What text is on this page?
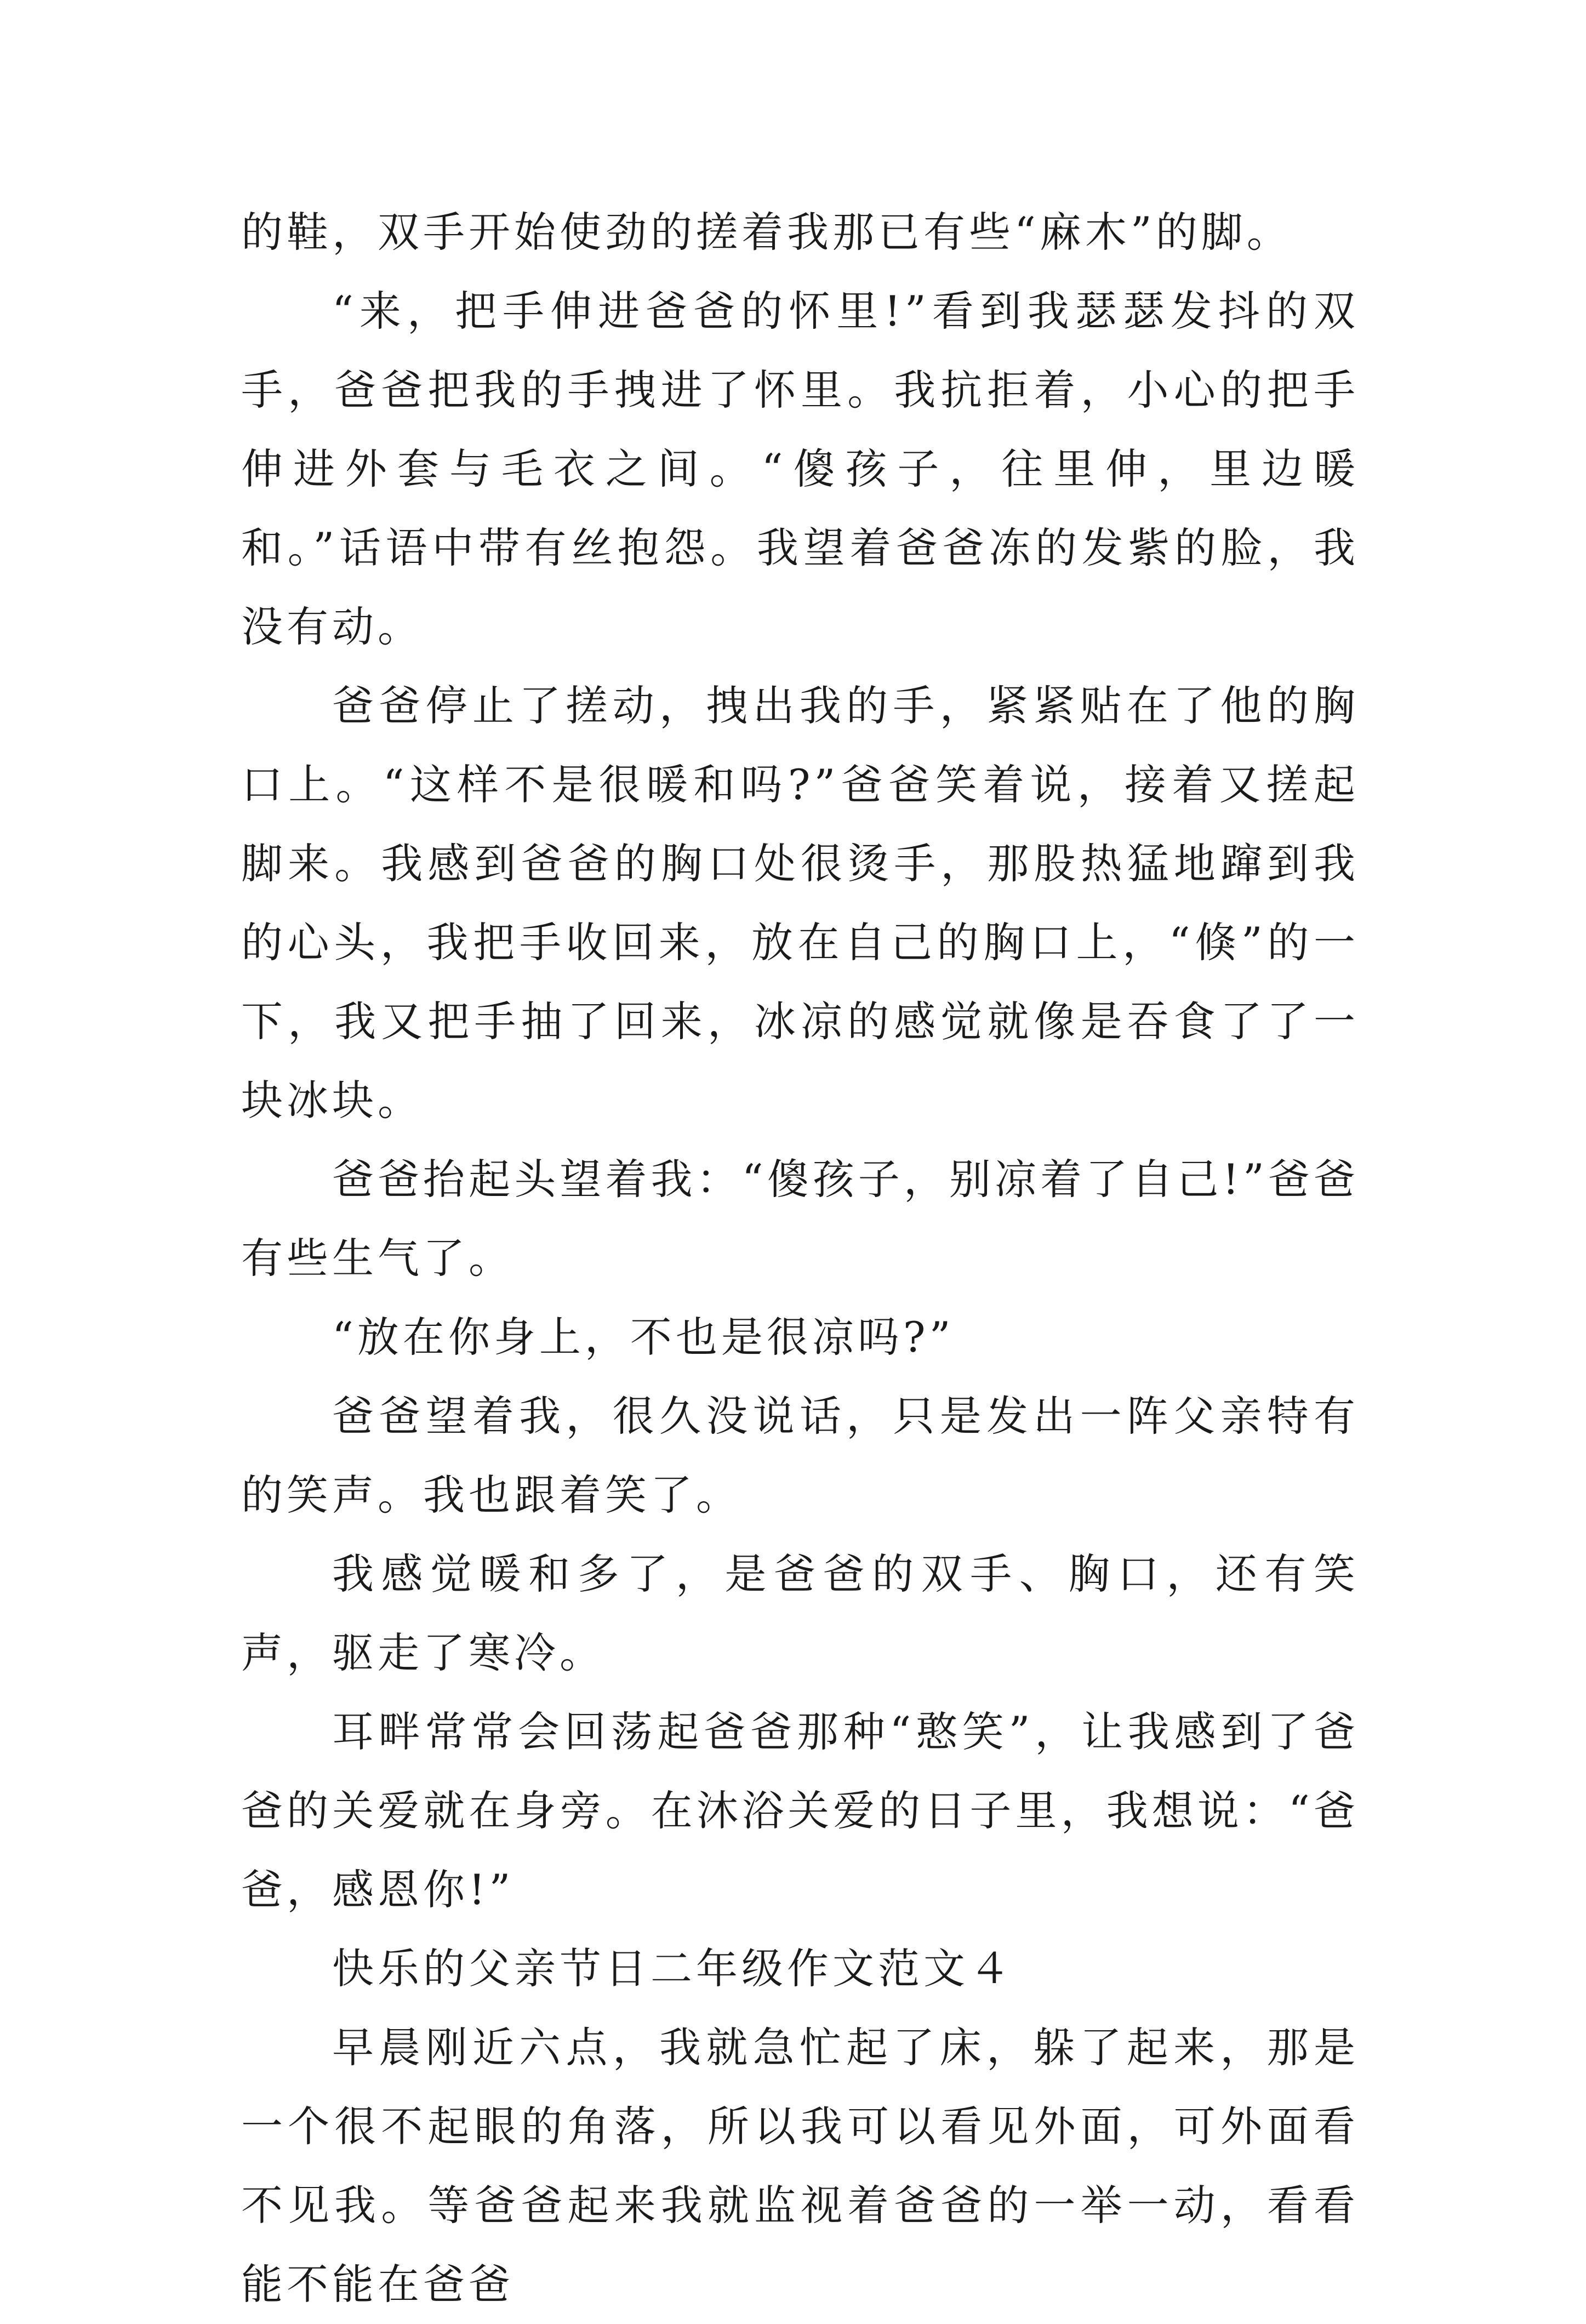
的鞋，双手开始使劲的搓着我那已有些“麻木”的脚。

“来，把手伸进爸爸的怀里!”看到我瑟瑟发抖的双手，爸爸把我的手拽进了怀里。我抗拒着，小心的把手伸进外套与毛衣之间。“傻孩子，往里伸，里边暖和。”话语中带有丝抱怨。我望着爸爸冻的发紫的脸，我没有动。

爸爸停止了搓动，拽出我的手，紧紧贴在了他的胸口上。“这样不是很暖和吗?”爸爸笑着说，接着又搓起脚来。我感到爸爸的胸口处很烫手，那股热猛地蹿到我的心头，我把手收回来，放在自己的胸口上，“倏”的一下，我又把手抽了回来，冰凉的感觉就像是吞食了了一块冰块。

爸爸抬起头望着我：“傻孩子，别凉着了自己!”爸爸有些生气了。

“放在你身上，不也是很凉吗?”

爸爸望着我，很久没说话，只是发出一阵父亲特有的笑声。我也跟着笑了。

我感觉暖和多了，是爸爸的双手、胸口，还有笑声，驱走了寒冷。

耳畔常常会回荡起爸爸那种“憨笑”，让我感到了爸爸的关爱就在身旁。在沐浴关爱的日子里，我想说：“爸爸，感恩你!”

快乐的父亲节日二年级作文范文４

早晨刚近六点，我就急忙起了床，躲了起来，那是一个很不起眼的角落，所以我可以看见外面，可外面看不见我。等爸爸起来我就监视着爸爸的一举一动，看看能不能在爸爸
